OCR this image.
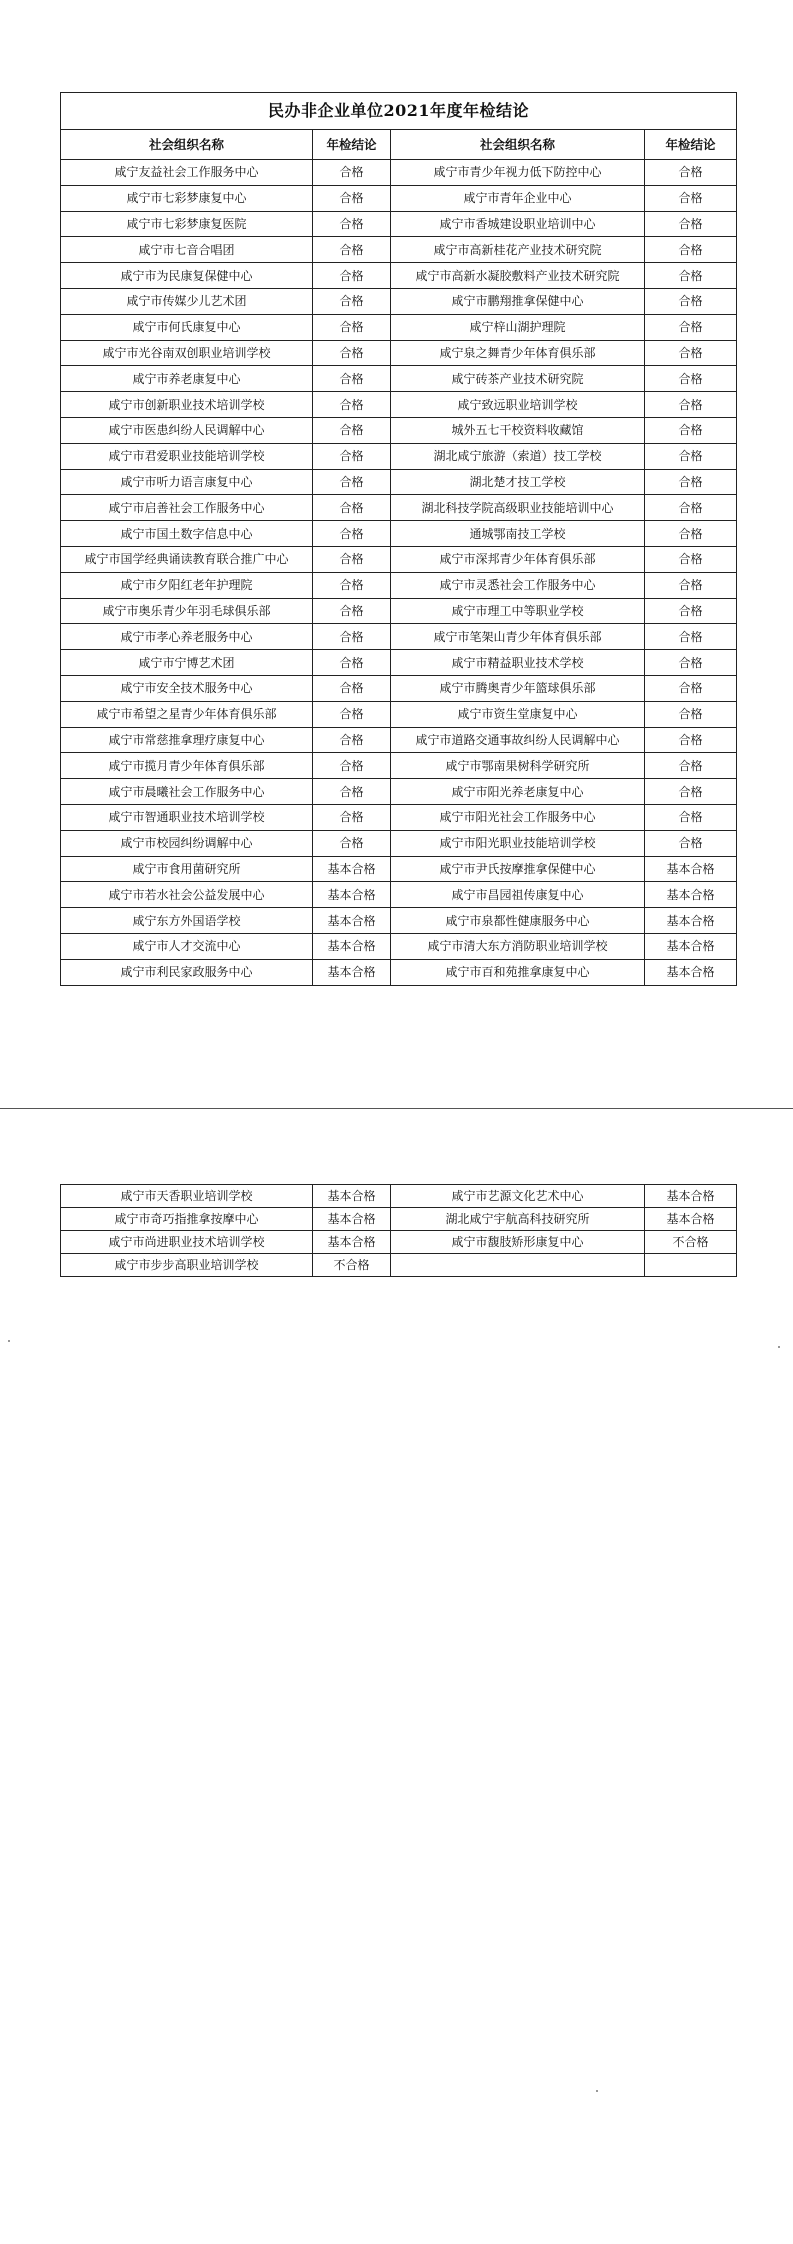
民办非企业单位2021年度年检结论			
社会组织名称	年检结论	社会组织名称	年检结论
咸宁友益社会工作服务中心	合格	咸宁市青少年视力低下防控中心	合格
咸宁市七彩梦康复中心	合格	咸宁市青年企业中心	合格
咸宁市七彩梦康复医院	合格	咸宁市香城建设职业培训中心	合格
咸宁市七音合唱团	合格	咸宁市高新桂花产业技术研究院	合格
咸宁市为民康复保健中心	合格	咸宁市高新水凝胶敷料产业技术研究院	合格
咸宁市传媒少儿艺术团	合格	咸宁市鹏翔推拿保健中心	合格
咸宁市何氏康复中心	合格	咸宁梓山湖护理院	合格
咸宁市光谷南双创职业培训学校	合格	咸宁泉之舞青少年体育俱乐部	合格
咸宁市养老康复中心	合格	咸宁砖茶产业技术研究院	合格
咸宁市创新职业技术培训学校	合格	咸宁致远职业培训学校	合格
咸宁市医患纠纷人民调解中心	合格	城外五七干校资料收藏馆	合格
咸宁市君爱职业技能培训学校	合格	湖北咸宁旅游（索道）技工学校	合格
咸宁市听力语言康复中心	合格	湖北楚才技工学校	合格
咸宁市启善社会工作服务中心	合格	湖北科技学院高级职业技能培训中心	合格
咸宁市国土数字信息中心	合格	通城鄂南技工学校	合格
咸宁市国学经典诵读教育联合推广中心	合格	咸宁市深邦青少年体育俱乐部	合格
咸宁市夕阳红老年护理院	合格	咸宁市灵悉社会工作服务中心	合格
咸宁市奥乐青少年羽毛球俱乐部	合格	咸宁市理工中等职业学校	合格
咸宁市孝心养老服务中心	合格	咸宁市笔架山青少年体育俱乐部	合格
咸宁市宁博艺术团	合格	咸宁市精益职业技术学校	合格
咸宁市安全技术服务中心	合格	咸宁市腾奥青少年篮球俱乐部	合格
咸宁市希望之星青少年体育俱乐部	合格	咸宁市资生堂康复中心	合格
咸宁市常慈推拿理疗康复中心	合格	咸宁市道路交通事故纠纷人民调解中心	合格
咸宁市揽月青少年体育俱乐部	合格	咸宁市鄂南果树科学研究所	合格
咸宁市晨曦社会工作服务中心	合格	咸宁市阳光养老康复中心	合格
咸宁市智通职业技术培训学校	合格	咸宁市阳光社会工作服务中心	合格
咸宁市校园纠纷调解中心	合格	咸宁市阳光职业技能培训学校	合格
咸宁市食用菌研究所	基本合格	咸宁市尹氏按摩推拿保健中心	基本合格
咸宁市若水社会公益发展中心	基本合格	咸宁市昌园祖传康复中心	基本合格
咸宁东方外国语学校	基本合格	咸宁市泉都性健康服务中心	基本合格
咸宁市人才交流中心	基本合格	咸宁市清大东方消防职业培训学校	基本合格
咸宁市利民家政服务中心	基本合格	咸宁市百和苑推拿康复中心	基本合格
咸宁市天香职业培训学校	基本合格	咸宁市艺源文化艺术中心	基本合格
咸宁市奇巧指推拿按摩中心	基本合格	湖北咸宁宇航高科技研究所	基本合格
咸宁市尚进职业技术培训学校	基本合格	咸宁市馥肢矫形康复中心	不合格
咸宁市步步高职业培训学校	不合格		
